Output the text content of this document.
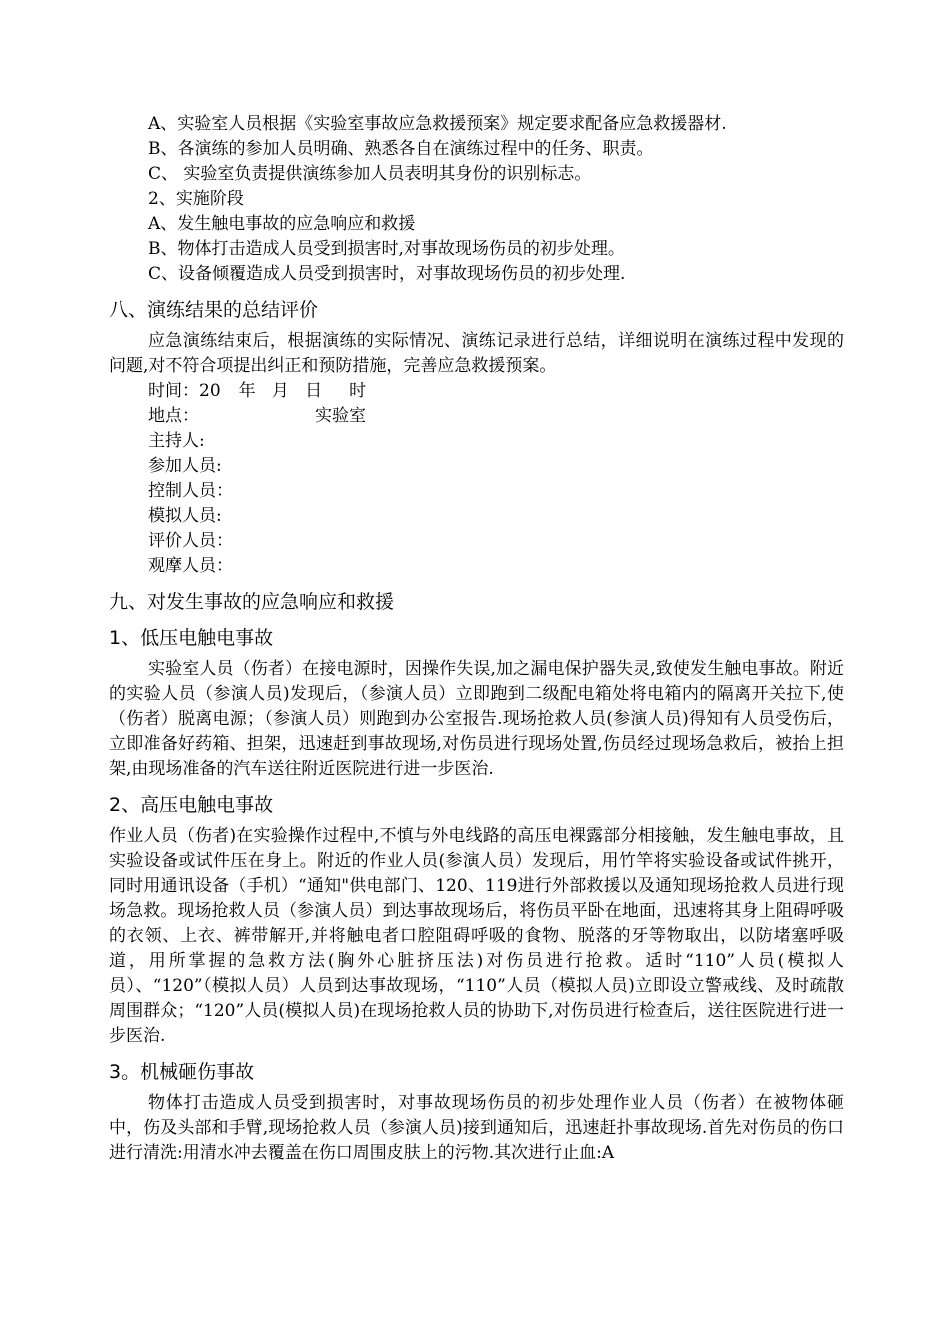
A、实验室人员根据《实验室事故应急救援预案》规定要求配备应急救援器材.

B、各演练的参加人员明确、熟悉各自在演练过程中的任务、职责。

C、 实验室负责提供演练参加人员表明其身份的识别标志。

2、实施阶段

A、发生触电事故的应急响应和救援

B、物体打击造成人员受到损害时,对事故现场伤员的初步处理。

C、设备倾覆造成人员受到损害时，对事故现场伤员的初步处理.

八、演练结果的总结评价

应急演练结束后，根据演练的实际情况、演练记录进行总结，详细说明在演练过程中发现的问题,对不符合项提出纠正和预防措施，完善应急救援预案。

时间：20 年   月   日     时
地点：	实验室
主持人:
参加人员:
控制人员：
模拟人员:
评价人员：
观摩人员：
九、对发生事故的应急响应和救援
1、低压电触电事故

实验室人员（伤者）在接电源时，因操作失误,加之漏电保护器失灵,致使发生触电事故。附近的实验人员（参演人员)发现后，（参演人员）立即跑到二级配电箱处将电箱内的隔离开关拉下,使（伤者）脱离电源；（参演人员）则跑到办公室报告.现场抢救人员(参演人员)得知有人员受伤后，立即准备好药箱、担架，迅速赶到事故现场,对伤员进行现场处置,伤员经过现场急救后，被抬上担架,由现场准备的汽车送往附近医院进行进一步医治.

2、高压电触电事故

作业人员（伤者)在实验操作过程中,不慎与外电线路的高压电裸露部分相接触，发生触电事故，且实验设备或试件压在身上。附近的作业人员(参演人员）发现后，用竹竿将实验设备或试件挑开，同时用通讯设备（手机）“通知"供电部门、120、119进行外部救援以及通知现场抢救人员进行现场急救。现场抢救人员（参演人员）到达事故现场后，将伤员平卧在地面，迅速将其身上阻碍呼吸的衣领、上衣、裤带解开,并将触电者口腔阻碍呼吸的食物、脱落的牙等物取出，以防堵塞呼吸道，用所掌握的急救方法(胸外心脏挤压法)对伤员进行抢救。适时“110”人员(模拟人员）、“120”（模拟人员）人员到达事故现场，“110”人员（模拟人员)立即设立警戒线、及时疏散周围群众；“120”人员(模拟人员)在现场抢救人员的协助下,对伤员进行检查后，送往医院进行进一步医治.

3。机械砸伤事故

物体打击造成人员受到损害时，对事故现场伤员的初步处理作业人员（伤者）在被物体砸中，伤及头部和手臂,现场抢救人员（参演人员)接到通知后，迅速赶扑事故现场.首先对伤员的伤口进行清洗:用清水冲去覆盖在伤口周围皮肤上的污物.其次进行止血:A
